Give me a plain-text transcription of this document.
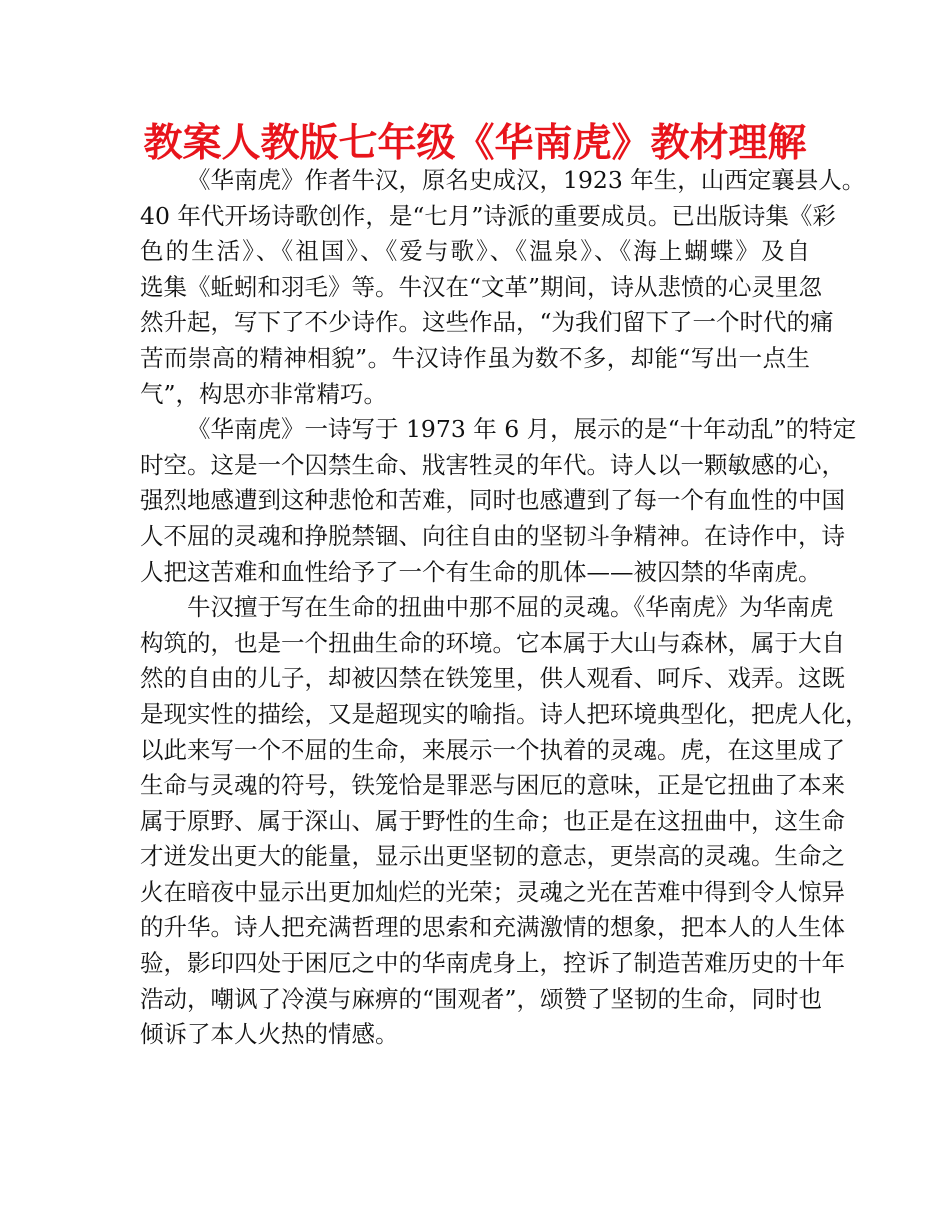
教案人教版七年级《华南虎》教材理解
《华南虎》作者牛汉，原名史成汉，1923 年生，山西定襄县人。
40 年代开场诗歌创作，是“七月”诗派的重要成员。已出版诗集《彩
色的生活》、《祖国》、《爱与歌》、《温泉》、《海上蝴蝶》及自
选集《蚯蚓和羽毛》等。牛汉在“文革”期间，诗从悲愤的心灵里忽
然升起，写下了不少诗作。这些作品，“为我们留下了一个时代的痛
苦而崇高的精神相貌”。牛汉诗作虽为数不多，却能“写出一点生
气”，构思亦非常精巧。
《华南虎》一诗写于 1973 年 6 月，展示的是“十年动乱”的特定
时空。这是一个囚禁生命、戕害牲灵的年代。诗人以一颗敏感的心，
强烈地感遭到这种悲怆和苦难，同时也感遭到了每一个有血性的中国
人不屈的灵魂和挣脱禁锢、向往自由的坚韧斗争精神。在诗作中，诗
人把这苦难和血性给予了一个有生命的肌体——被囚禁的华南虎。
牛汉擅于写在生命的扭曲中那不屈的灵魂。《华南虎》为华南虎
构筑的，也是一个扭曲生命的环境。它本属于大山与森林，属于大自
然的自由的儿子，却被囚禁在铁笼里，供人观看、呵斥、戏弄。这既
是现实性的描绘，又是超现实的喻指。诗人把环境典型化，把虎人化，
以此来写一个不屈的生命，来展示一个执着的灵魂。虎，在这里成了
生命与灵魂的符号，铁笼恰是罪恶与困厄的意味，正是它扭曲了本来
属于原野、属于深山、属于野性的生命；也正是在这扭曲中，这生命
才迸发出更大的能量，显示出更坚韧的意志，更崇高的灵魂。生命之
火在暗夜中显示出更加灿烂的光荣；灵魂之光在苦难中得到令人惊异
的升华。诗人把充满哲理的思索和充满激情的想象，把本人的人生体
验，影印四处于困厄之中的华南虎身上，控诉了制造苦难历史的十年
浩动，嘲讽了冷漠与麻痹的“围观者”，颂赞了坚韧的生命，同时也
倾诉了本人火热的情感。
